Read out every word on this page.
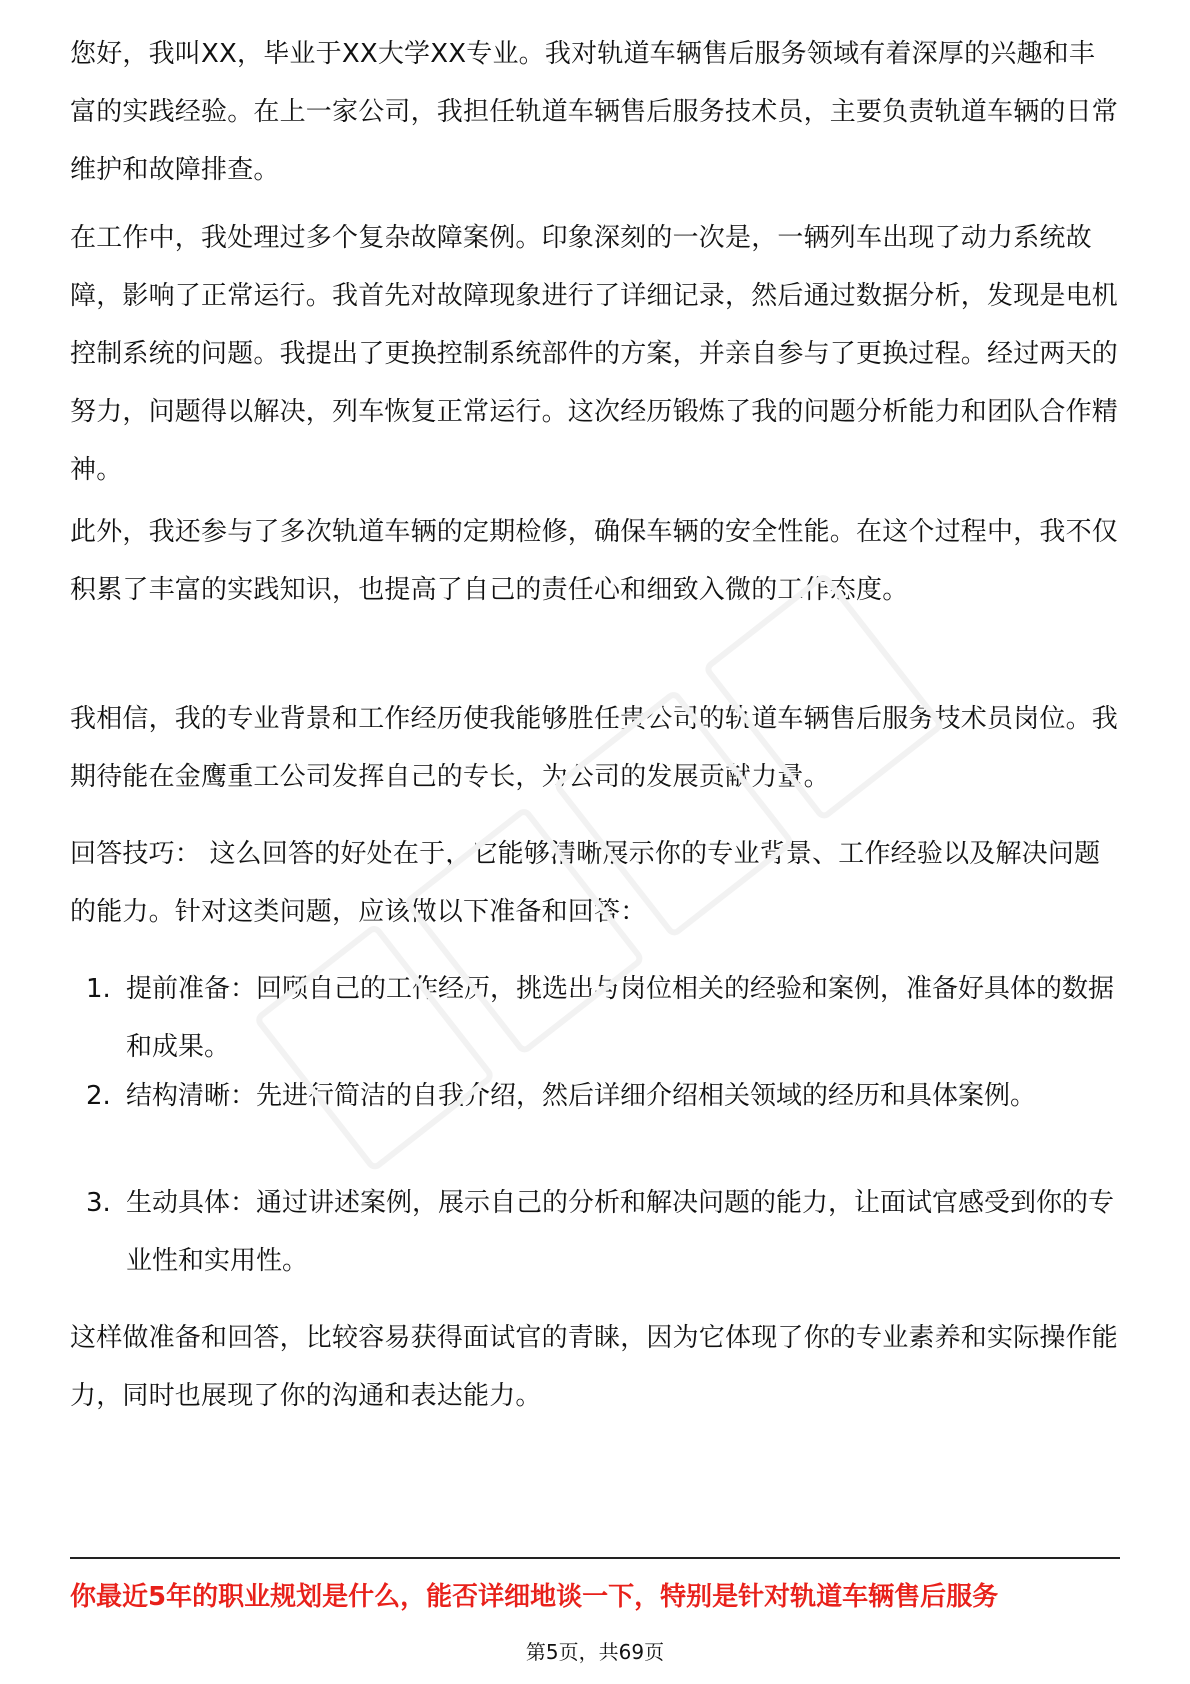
您好，我叫XX，毕业于XX大学XX专业。我对轨道车辆售后服务领域有着深厚的兴趣和丰富的实践经验。在上一家公司，我担任轨道车辆售后服务技术员，主要负责轨道车辆的日常维护和故障排查。

在工作中，我处理过多个复杂故障案例。印象深刻的一次是，一辆列车出现了动力系统故障，影响了正常运行。我首先对故障现象进行了详细记录，然后通过数据分析，发现是电机控制系统的问题。我提出了更换控制系统部件的方案，并亲自参与了更换过程。经过两天的努力，问题得以解决，列车恢复正常运行。这次经历锻炼了我的问题分析能力和团队合作精神。

此外，我还参与了多次轨道车辆的定期检修，确保车辆的安全性能。在这个过程中，我不仅积累了丰富的实践知识，也提高了自己的责任心和细致入微的工作态度。

我相信，我的专业背景和工作经历使我能够胜任贵公司的轨道车辆售后服务技术员岗位。我期待能在金鹰重工公司发挥自己的专长，为公司的发展贡献力量。

回答技巧： 这么回答的好处在于，它能够清晰展示你的专业背景、工作经验以及解决问题的能力。针对这类问题，应该做以下准备和回答：

1. 提前准备：回顾自己的工作经历，挑选出与岗位相关的经验和案例，准备好具体的数据和成果。
2. 结构清晰：先进行简洁的自我介绍，然后详细介绍相关领域的经历和具体案例。
3. 生动具体：通过讲述案例，展示自己的分析和解决问题的能力，让面试官感受到你的专业性和实用性。

这样做准备和回答，比较容易获得面试官的青睐，因为它体现了你的专业素养和实际操作能力，同时也展现了你的沟通和表达能力。

你最近5年的职业规划是什么，能否详细地谈一下，特别是针对轨道车辆售后服务
第5页，共69页
